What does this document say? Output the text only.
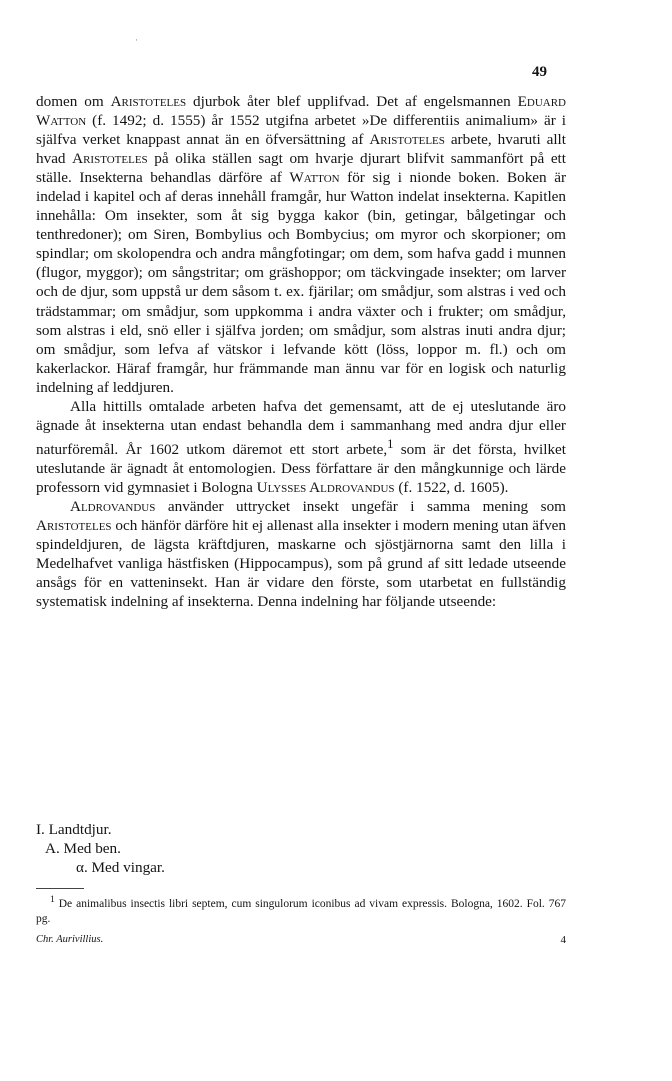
·
49

domen om Aristoteles djurbok åter blef upplifvad. Det af engelsmannen Eduard Watton (f. 1492; d. 1555) år 1552 utgifna arbetet »De differentiis animalium» är i själfva verket knappast annat än en öfversättning af Aristoteles arbete, hvaruti allt hvad Aristoteles på olika ställen sagt om hvarje djurart blifvit sammanfört på ett ställe. Insekterna behandlas därföre af Watton för sig i nionde boken. Boken är indelad i kapitel och af deras innehåll framgår, hur Watton indelat insekterna. Kapitlen innehålla: Om insekter, som åt sig bygga kakor (bin, getingar, bålgetingar och tenthredoner); om Siren, Bombylius och Bombycius; om myror och skorpioner; om spindlar; om skolopendra och andra mångfotingar; om dem, som hafva gadd i munnen (flugor, myggor); om sångstritar; om gräshoppor; om täckvingade insekter; om larver och de djur, som uppstå ur dem såsom t. ex. fjärilar; om smådjur, som alstras i ved och trädstammar; om smådjur, som uppkomma i andra växter och i frukter; om smådjur, som alstras i eld, snö eller i själfva jorden; om smådjur, som alstras inuti andra djur; om smådjur, som lefva af vätskor i lefvande kött (löss, loppor m. fl.) och om kakerlackor. Häraf framgår, hur främmande man ännu var för en logisk och naturlig indelning af leddjuren.

Alla hittills omtalade arbeten hafva det gemensamt, att de ej uteslutande äro ägnade åt insekterna utan endast behandla dem i sammanhang med andra djur eller naturföremål. År 1602 utkom däremot ett stort arbete,$^1$ som är det första, hvilket uteslutande är ägnadt åt entomologien. Dess författare är den mångkunnige och lärde professorn vid gymnasiet i Bologna Ulysses Aldrovandus (f. 1522, d. 1605).

Aldrovandus använder uttrycket insekt ungefär i samma mening som Aristoteles och hänför därföre hit ej allenast alla insekter i modern mening utan äfven spindeldjuren, de lägsta kräftdjuren, maskarne och sjöstjärnorna samt den lilla i Medelhafvet vanliga hästfisken (Hippocampus), som på grund af sitt ledade utseende ansågs för en vatteninsekt. Han är vidare den förste, som utarbetat en fullständig systematisk indelning af insekterna. Denna indelning har följande utseende:

I. Landtdjur.
A. Med ben.
α. Med vingar.
$^1$ De animalibus insectis libri septem, cum singulorum iconibus ad vivam expressis. Bologna, 1602. Fol. 767 pg.
Chr. Aurivillius.	4
